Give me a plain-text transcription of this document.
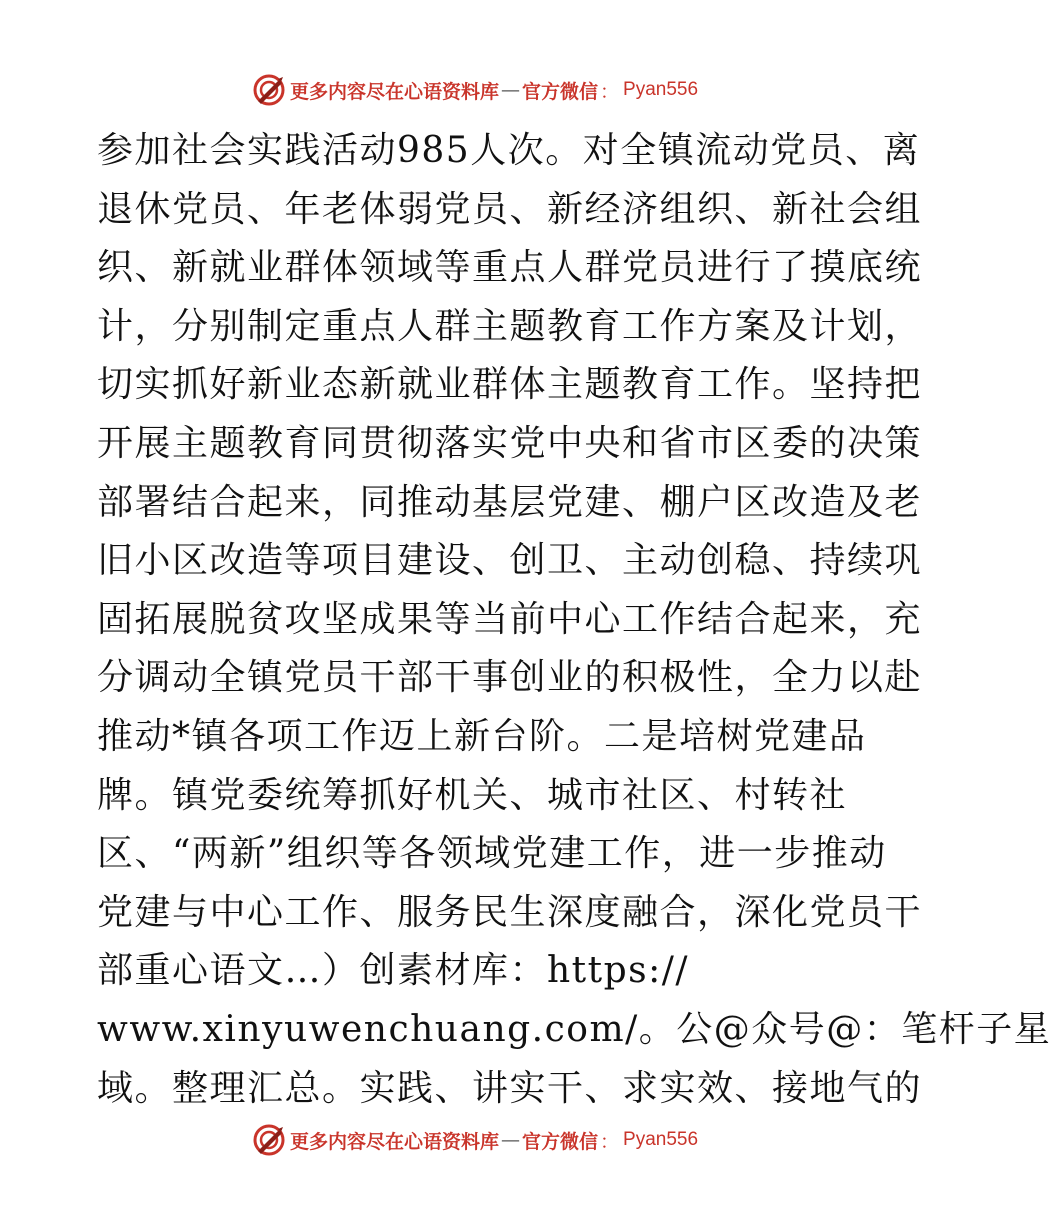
更多内容尽在心语资料库 — 官方微信 ： Pyan556
参加社会实践活动985人次。对全镇流动党员、离
退休党员、年老体弱党员、新经济组织、新社会组
织、新就业群体领域等重点人群党员进行了摸底统
计，分别制定重点人群主题教育工作方案及计划，
切实抓好新业态新就业群体主题教育工作。坚持把
开展主题教育同贯彻落实党中央和省市区委的决策
部署结合起来，同推动基层党建、棚户区改造及老
旧小区改造等项目建设、创卫、主动创稳、持续巩
固拓展脱贫攻坚成果等当前中心工作结合起来，充
分调动全镇党员干部干事创业的积极性，全力以赴
推动*镇各项工作迈上新台阶。二是培树党建品
牌。镇党委统筹抓好机关、城市社区、村转社
区、“两新”组织等各领域党建工作，进一步推动
党建与中心工作、服务民生深度融合，深化党员干
部重心语文…）创素材库：https://
www.xinyuwenchuang.com/。公@众号@：笔杆子星
域。整理汇总。实践、讲实干、求实效、接地气的
更多内容尽在心语资料库 — 官方微信 ： Pyan556
